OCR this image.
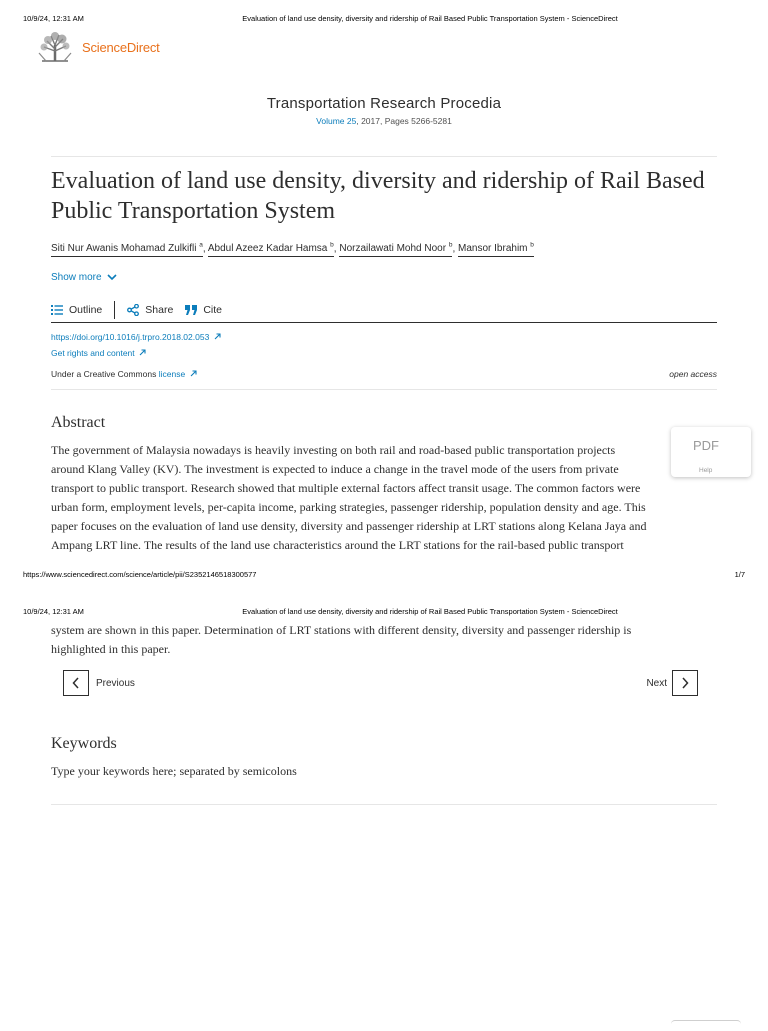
10/9/24, 12:31 AM	Evaluation of land use density, diversity and ridership of Rail Based Public Transportation System - ScienceDirect
ScienceDirect
Transportation Research Procedia
Volume 25, 2017, Pages 5266-5281
Evaluation of land use density, diversity and ridership of Rail Based Public Transportation System
Siti Nur Awanis Mohamad Zulkifli $^a$, Abdul Azeez Kadar Hamsa $^b$, Norzailawati Mohd Noor $^b$, Mansor Ibrahim $^b$
Show more
Outline	Share	Cite
https://doi.org/10.1016/j.trpro.2018.02.053
Get rights and content
Under a Creative Commons license	open access
Abstract

The government of Malaysia nowadays is heavily investing on both rail and road-based public transportation projects
around Klang Valley (KV). The investment is expected to induce a change in the travel mode of the users from private
transport to public transport. Research showed that multiple external factors affect transit usage. The common factors were
urban form, employment levels, per-capita income, parking strategies, passenger ridership, population density and age. This
paper focuses on the evaluation of land use density, diversity and passenger ridership at LRT stations along Kelana Jaya and
Ampang LRT line. The results of the land use characteristics around the LRT stations for the rail-based public transport

PDF
Help
https://www.sciencedirect.com/science/article/pii/S2352146518300577	1/7
10/9/24, 12:31 AM	Evaluation of land use density, diversity and ridership of Rail Based Public Transportation System - ScienceDirect

system are shown in this paper. Determination of LRT stations with different density, diversity and passenger ridership is
highlighted in this paper.

Previous	Next
Keywords

Type your keywords here; separated by semicolons
